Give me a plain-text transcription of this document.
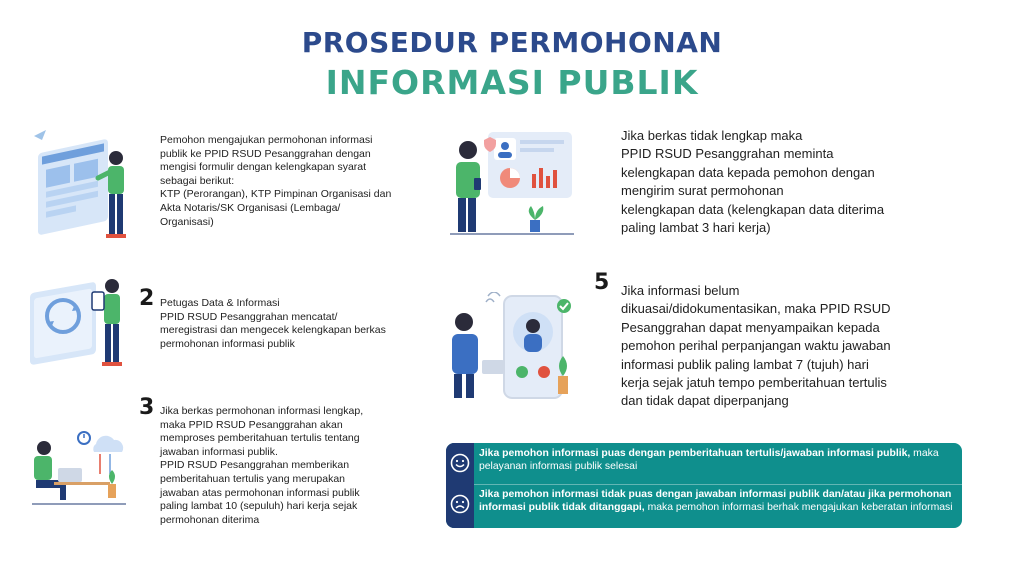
PROSEDUR PERMOHONAN
INFORMASI PUBLIK
Pemohon mengajukan permohonan informasi
publik ke PPID RSUD Pesanggrahan dengan
mengisi formulir dengan kelengkapan syarat
sebagai berikut:
KTP (Perorangan), KTP Pimpinan Organisasi dan
Akta Notaris/SK Organisasi (Lembaga/
Organisasi)
2 Petugas Data & Informasi
PPID RSUD Pesanggrahan mencatat/
meregistrasi dan mengecek kelengkapan berkas
permohonan informasi publik
3 Jika berkas permohonan informasi lengkap,
maka PPID RSUD Pesanggrahan akan
memproses pemberitahuan tertulis tentang
jawaban informasi publik.
PPID RSUD Pesanggrahan memberikan
pemberitahuan tertulis yang merupakan
jawaban atas permohonan informasi publik
paling lambat 10 (sepuluh) hari kerja sejak
permohonan diterima
Jika berkas tidak lengkap maka
PPID RSUD Pesanggrahan meminta
kelengkapan data kepada pemohon dengan
mengirim surat permohonan
kelengkapan data (kelengkapan data diterima
paling lambat 3 hari kerja)
5 Jika informasi belum
dikuasai/didokumentasikan, maka PPID RSUD
Pesanggrahan dapat menyampaikan kepada
pemohon perihal perpanjangan waktu jawaban
informasi publik paling lambat 7 (tujuh) hari
kerja sejak jatuh tempo pemberitahuan tertulis
dan tidak dapat diperpanjang
Jika pemohon informasi puas dengan pemberitahuan tertulis/jawaban informasi publik, maka pelayanan informasi publik selesai
Jika pemohon informasi tidak puas dengan jawaban informasi publik dan/atau jika permohonan informasi publik tidak ditanggapi, maka pemohon informasi berhak mengajukan keberatan informasi
